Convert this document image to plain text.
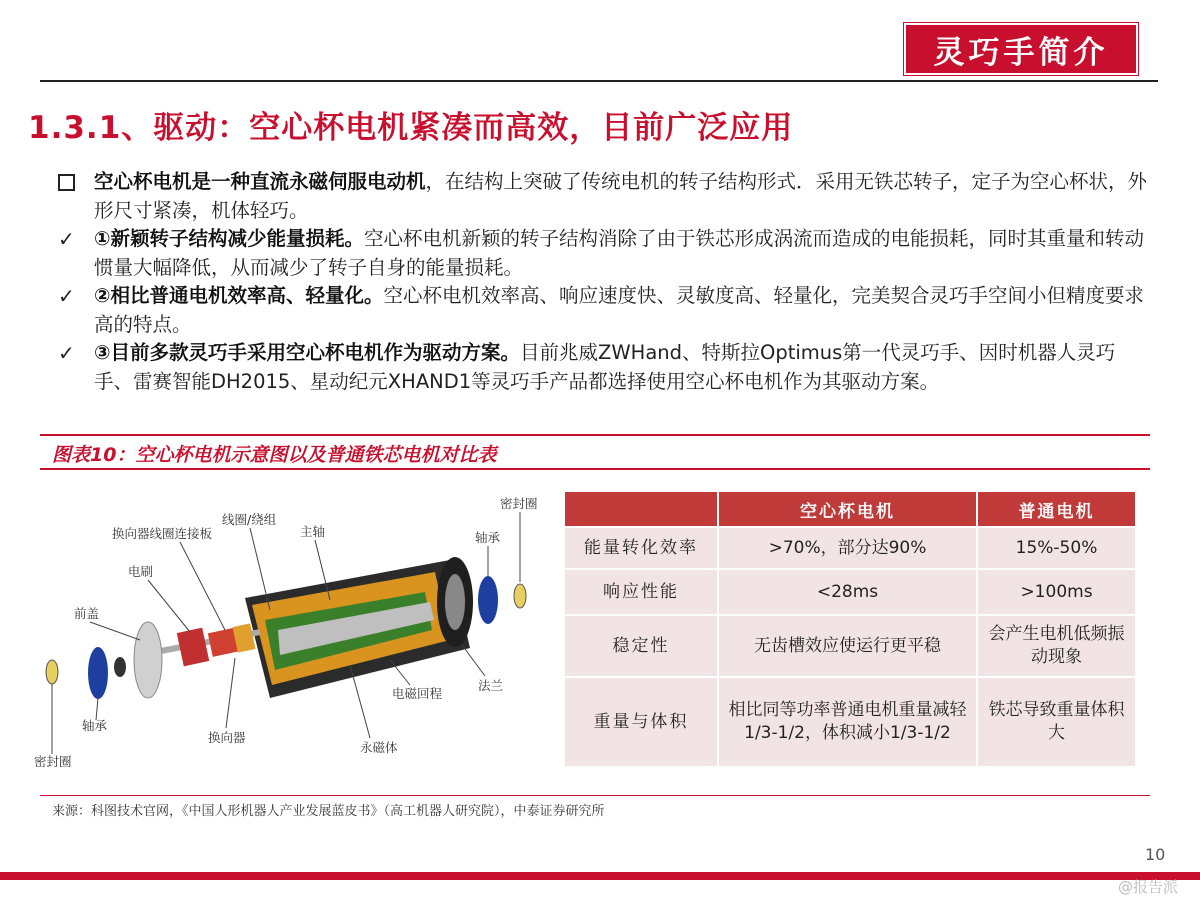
灵巧手简介
1.3.1、驱动：空心杯电机紧凑而高效，目前广泛应用
空心杯电机是一种直流永磁伺服电动机，在结构上突破了传统电机的转子结构形式．采用无铁芯转子，定子为空心杯状，外形尺寸紧凑，机体轻巧。
✓ ①新颖转子结构减少能量损耗。空心杯电机新颖的转子结构消除了由于铁芯形成涡流而造成的电能损耗，同时其重量和转动惯量大幅降低，从而减少了转子自身的能量损耗。
✓ ②相比普通电机效率高、轻量化。空心杯电机效率高、响应速度快、灵敏度高、轻量化，完美契合灵巧手空间小但精度要求高的特点。
✓ ③目前多款灵巧手采用空心杯电机作为驱动方案。目前兆威ZWHand、特斯拉Optimus第一代灵巧手、因时机器人灵巧手、雷赛智能DH2015、星动纪元XHAND1等灵巧手产品都选择使用空心杯电机作为其驱动方案。
图表10：空心杯电机示意图以及普通铁芯电机对比表
密封圈
换向器线圈连接板
线圈/绕组
主轴	轴承
电刷
前盖
法兰
电磁回程
轴承
换向器
永磁体
密封圈
	空心杯电机	普通电机
能量转化效率	>70%，部分达90%	15%-50%
响应性能	<28ms	>100ms
稳定性	无齿槽效应使运行更平稳	会产生电机低频振动现象
重量与体积	相比同等功率普通电机重量减轻 1/3-1/2，体积减小1/3-1/2	铁芯导致重量体积大
来源：科图技术官网，《中国人形机器人产业发展蓝皮书》（高工机器人研究院），中泰证券研究所
10
@报告派
